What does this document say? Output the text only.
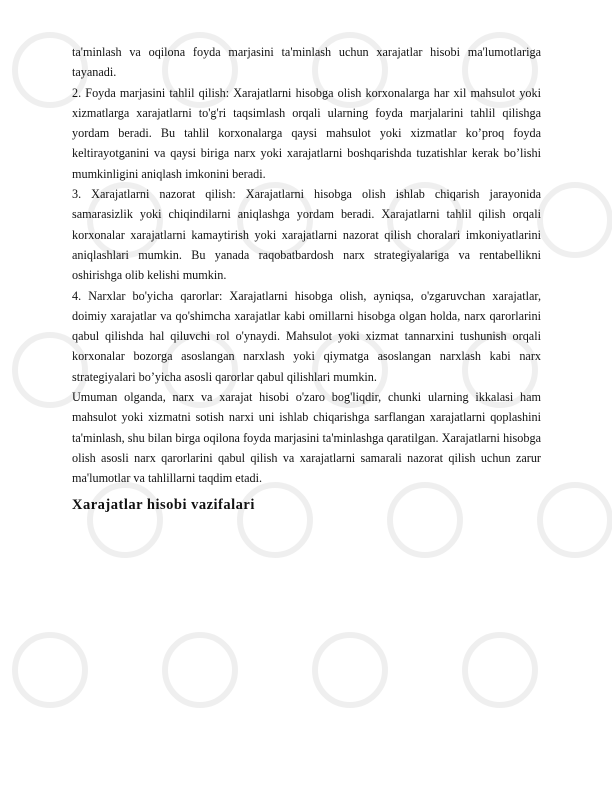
ta'minlash va oqilona foyda marjasini ta'minlash uchun xarajatlar hisobi ma'lumotlariga tayanadi.

2. Foyda marjasini tahlil qilish: Xarajatlarni hisobga olish korxonalarga har xil mahsulot yoki xizmatlarga xarajatlarni to'g'ri taqsimlash orqali ularning foyda marjalarini tahlil qilishga yordam beradi. Bu tahlil korxonalarga qaysi mahsulot yoki xizmatlar ko’proq foyda keltirayotganini va qaysi biriga narx yoki xarajatlarni boshqarishda tuzatishlar kerak bo’lishi mumkinligini aniqlash imkonini beradi.

3. Xarajatlarni nazorat qilish: Xarajatlarni hisobga olish ishlab chiqarish jarayonida samarasizlik yoki chiqindilarni aniqlashga yordam beradi. Xarajatlarni tahlil qilish orqali korxonalar xarajatlarni kamaytirish yoki xarajatlarni nazorat qilish choralari imkoniyatlarini aniqlashlari mumkin. Bu yanada raqobatbardosh narx strategiyalariga va rentabellikni oshirishga olib kelishi mumkin.

4. Narxlar bo'yicha qarorlar: Xarajatlarni hisobga olish, ayniqsa, o'zgaruvchan xarajatlar, doimiy xarajatlar va qo'shimcha xarajatlar kabi omillarni hisobga olgan holda, narx qarorlarini qabul qilishda hal qiluvchi rol o'ynaydi. Mahsulot yoki xizmat tannarxini tushunish orqali korxonalar bozorga asoslangan narxlash yoki qiymatga asoslangan narxlash kabi narx strategiyalari bo’yicha asosli qarorlar qabul qilishlari mumkin.

Umuman olganda, narx va xarajat hisobi o'zaro bog'liqdir, chunki ularning ikkalasi ham mahsulot yoki xizmatni sotish narxi uni ishlab chiqarishga sarflangan xarajatlarni qoplashini ta'minlash, shu bilan birga oqilona foyda marjasini ta'minlashga qaratilgan. Xarajatlarni hisobga olish asosli narx qarorlarini qabul qilish va xarajatlarni samarali nazorat qilish uchun zarur ma'lumotlar va tahlillarni taqdim etadi.

Xarajatlar hisobi vazifalari
